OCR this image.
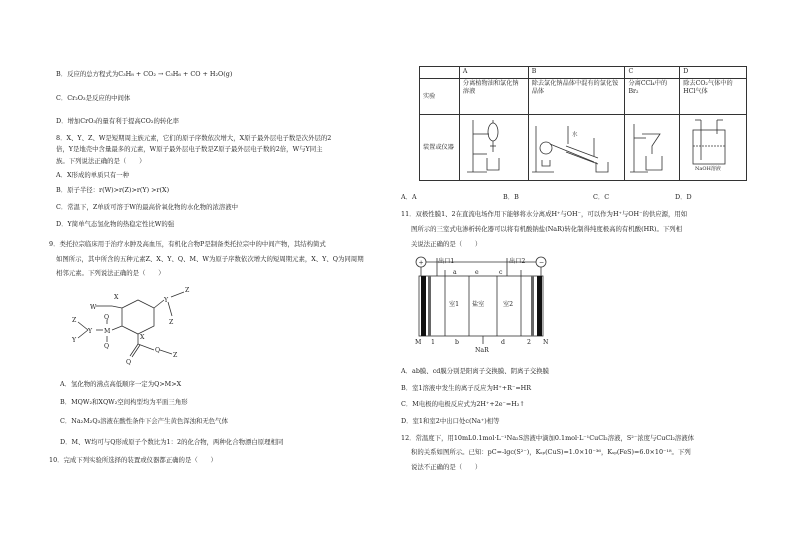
B．反应的总方程式为C₃H₈ + CO₂ → C₃H₆ + CO + H₂O(g)
C．Cr₂O₃是反应的中间体
D．增加CrO₃的量有利于提高CO₂的转化率
8．X、Y、Z、W是短期周主族元素，它们的原子序数依次增大，X原子最外层电子数是次外层的2
倍，Y是地壳中含量最多的元素，W原子最外层电子数是Z原子最外层电子数的2倍，W与Y同主
族。下列说法正确的是（　　）
A．X形成的单质只有一种
B．原子半径：r(W)>r(Z)>r(Y) >r(X)
C．常温下，Z单质可溶于W的最高价氧化物的水化物的浓溶液中
D．Y简单气态氢化物的热稳定性比W的强
9．类托拉宗临床用于治疗水肿及高血压，有机化合物P是制备类托拉宗中的中间产物，其结构简式
如图所示，其中所含的五种元素Z、X、Y、Q、M、W为原子序数依次增大的短周期元素，X、Y、Q为同周期
相邻元素。下列说法正确的是（　　）
W
X	Y
Z
Z
Z
Y
Q
M
Q
Y	X
Q
Q
Z
A．氢化物的沸点高低顺序一定为Q>M>X
B．MQW₂和XQW₂空间构型均为平面三角形
C．Na₂M₂Q₃溶液在酸性条件下会产生黄色浑浊和无色气体
D．M、W均可与Q形成原子个数比为1：2的化合物，两种化合物漂白原理相同
10．完成下列实验所选择的装置或仪器都正确的是（　　）
	A	B	C	D
实验	分离植物油和氯化钠溶液	除去氯化钠晶体中混有的氯化铵晶体	分离CCl₄中的Br₂	除去CO₂气体中的HCl气体
装置或仪器		水		NaOH溶液
A．A	B．B	C．C	D．D
11．双极性膜1、2在直流电场作用下能够将水分离成H⁺与OH⁻，可以作为H⁺与OH⁻的供应源，用如
图所示的三室式电渗析转化器可以将有机酸钠盐(NaR)转化制得纯度极高的有机酸(HR)。下列相
关说法正确的是（　　）
+	−
出口1	出口2
a	c
e
室1 盐室	室2
M 1	b	d	2 N
NaR
A．ab膜、cd膜分别是阳离子交换膜、阴离子交换膜
B．室1溶液中发生的离子反应为H⁺+R⁻=HR
C．M电极的电极反应式为2H⁺+2e⁻=H₂↑
D．室1和室2中出口处c(Na⁺)相等
12．常温度下，用10mL0.1mol·L⁻¹Na₂S溶液中滴加0.1mol·L⁻¹CuCl₂溶液，S²⁻浓度与CuCl₂溶液体
积的关系如图所示。已知：pC=-lgc(S²⁻)，Kₛₚ(CuS)=1.0×10⁻³⁶，Kₛₚ(FeS)=6.0×10⁻¹⁸。下列
说法不正确的是（　　）
